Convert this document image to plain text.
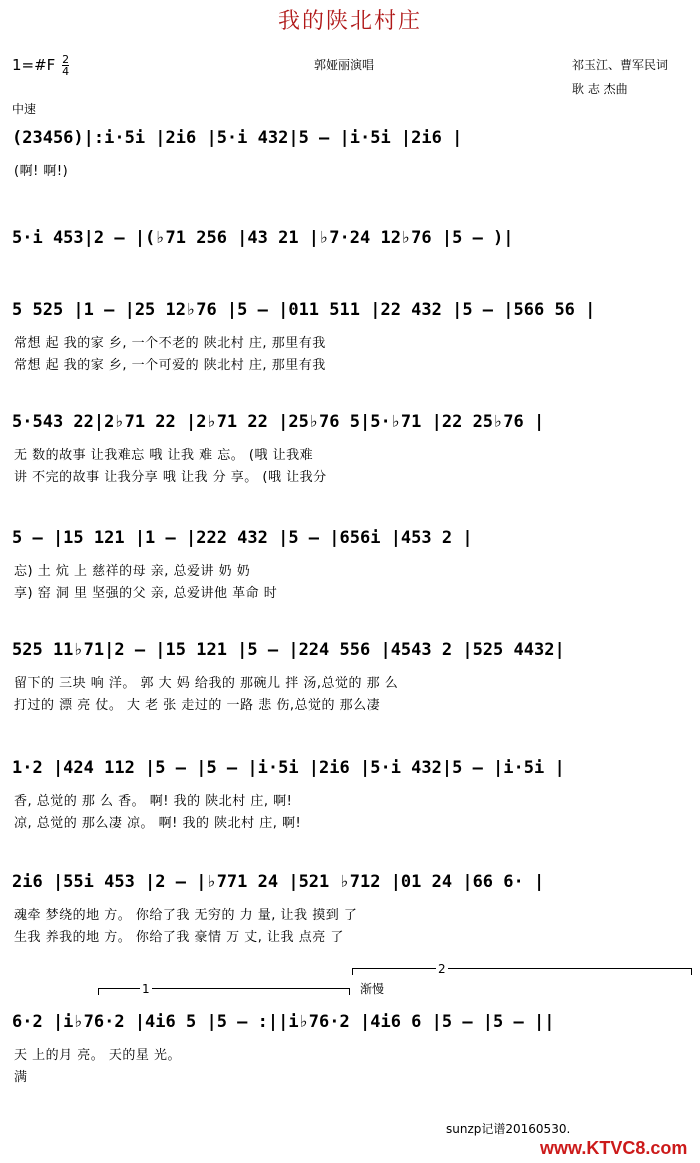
我的陕北村庄
1=#F $\frac{2}{4}$	郭娅丽演唱	祁玉江、曹军民词
耿 志 杰曲
中速
(23456)|:i·5i |2i6 |5·i 432|5 – |i·5i |2i6 |
(啊! 啊!)
5·i 453|2 – |(♭71 256 |43 21 |♭7·24 12♭76 |5 – )|
5 525 |1 – |25 12♭76 |5 – |011 511 |22 432 |5 – |566 56 |
常想 起 我的家 乡, 一个不老的 陕北村 庄, 那里有我
常想 起 我的家 乡, 一个可爱的 陕北村 庄, 那里有我
5·543 22|2♭71 22 |2♭71 22 |25♭76 5|5·♭71 |22 25♭76 |
无 数的故事 让我难忘 哦 让我 难 忘。 (哦 让我难
讲 不完的故事 让我分享 哦 让我 分 享。 (哦 让我分
5 – |15 121 |1 – |222 432 |5 – |656i |453 2 |
忘) 土 炕 上 慈祥的母 亲, 总爱讲 奶 奶
享) 窑 洞 里 坚强的父 亲, 总爱讲他 革命 时
525 11♭71|2 – |15 121 |5 – |224 556 |4543 2 |525 4432|
留下的 三块 响 洋。 郭 大 妈 给我的 那碗儿 拌 汤,总觉的 那 么
打过的 漂 亮 仗。 大 老 张 走过的 一路 悲 伤,总觉的 那么凄
1·2 |424 112 |5 – |5 – |i·5i |2i6 |5·i 432|5 – |i·5i |
香, 总觉的 那 么 香。 啊! 我的 陕北村 庄, 啊!
凉, 总觉的 那么凄 凉。 啊! 我的 陕北村 庄, 啊!
2i6 |55i 453 |2 – |♭771 24 |521 ♭712 |01 24 |66 6· |
魂牵 梦绕的地 方。 你给了我 无穷的 力 量, 让我 摸到 了
生我 养我的地 方。 你给了我 豪情 万 丈, 让我 点亮 了
6·2 |i♭76·2 |4i6 5 |5 – :||i♭76·2 |4i6 6 |5 – |5 – ||
天 上的月 亮。 天的星 光。
满
1
2
渐慢
sunzp记谱20160530.
www.KTVC8.com
